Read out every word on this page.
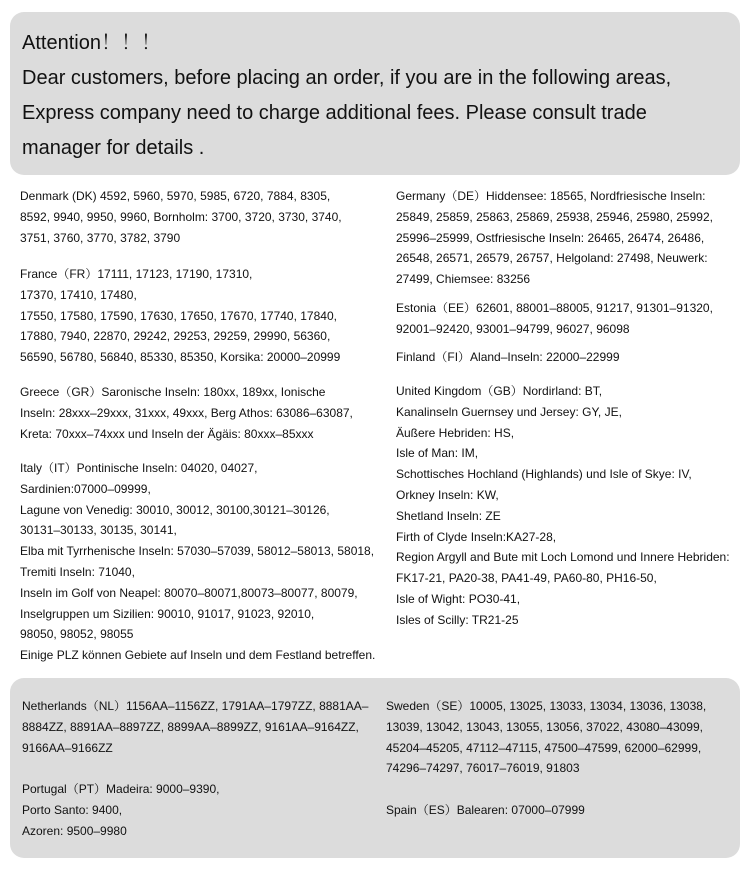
Attention！！！

Dear customers, before placing an order, if you are in the following areas,

Express company need to charge additional fees. Please consult trade

manager for details .

Denmark (DK) 4592, 5960, 5970, 5985, 6720, 7884, 8305,
8592, 9940, 9950, 9960, Bornholm: 3700, 3720, 3730, 3740,
3751, 3760, 3770, 3782, 3790
France（FR）17111, 17123, 17190, 17310,
17370, 17410, 17480,
17550, 17580, 17590, 17630, 17650, 17670, 17740, 17840,
17880, 7940, 22870, 29242, 29253, 29259, 29990, 56360,
56590, 56780, 56840, 85330, 85350, Korsika: 20000–20999
Greece（GR）Saronische Inseln: 180xx, 189xx, Ionische
Inseln: 28xxx–29xxx, 31xxx, 49xxx, Berg Athos: 63086–63087,
Kreta: 70xxx–74xxx und Inseln der Ägäis: 80xxx–85xxx
Italy（IT）Pontinische Inseln: 04020, 04027,
Sardinien:07000–09999,
Lagune von Venedig: 30010, 30012, 30100,30121–30126,
30131–30133, 30135, 30141,
Elba mit Tyrrhenische Inseln: 57030–57039, 58012–58013, 58018,
Tremiti Inseln: 71040,
Inseln im Golf von Neapel: 80070–80071,80073–80077, 80079,
Inselgruppen um Sizilien: 90010, 91017, 91023, 92010,
98050, 98052, 98055
Einige PLZ können Gebiete auf Inseln und dem Festland betreffen.
Germany（DE）Hiddensee: 18565, Nordfriesische Inseln:
25849, 25859, 25863, 25869, 25938, 25946, 25980, 25992,
25996–25999, Ostfriesische Inseln: 26465, 26474, 26486,
26548, 26571, 26579, 26757, Helgoland: 27498, Neuwerk:
27499, Chiemsee: 83256
Estonia（EE）62601, 88001–88005, 91217, 91301–91320,
92001–92420, 93001–94799, 96027, 96098
Finland（FI）Aland–Inseln: 22000–22999
United Kingdom（GB）Nordirland: BT,
Kanalinseln Guernsey und Jersey: GY, JE,
Äußere Hebriden: HS,
Isle of Man: IM,
Schottisches Hochland (Highlands) und Isle of Skye: IV,
Orkney Inseln: KW,
Shetland Inseln: ZE
Firth of Clyde Inseln:KA27-28,
Region Argyll and Bute mit Loch Lomond und Innere Hebriden:
FK17-21, PA20-38, PA41-49, PA60-80, PH16-50,
Isle of Wight: PO30-41,
Isles of Scilly: TR21-25
Netherlands（NL）1156AA–1156ZZ, 1791AA–1797ZZ, 8881AA–
8884ZZ, 8891AA–8897ZZ, 8899AA–8899ZZ, 9161AA–9164ZZ,
9166AA–9166ZZ
Portugal（PT）Madeira: 9000–9390,
Porto Santo: 9400,
Azoren: 9500–9980
Sweden（SE）10005, 13025, 13033, 13034, 13036, 13038,
13039, 13042, 13043, 13055, 13056, 37022, 43080–43099,
45204–45205, 47112–47115, 47500–47599, 62000–62999,
74296–74297, 76017–76019, 91803
Spain（ES）Balearen: 07000–07999
